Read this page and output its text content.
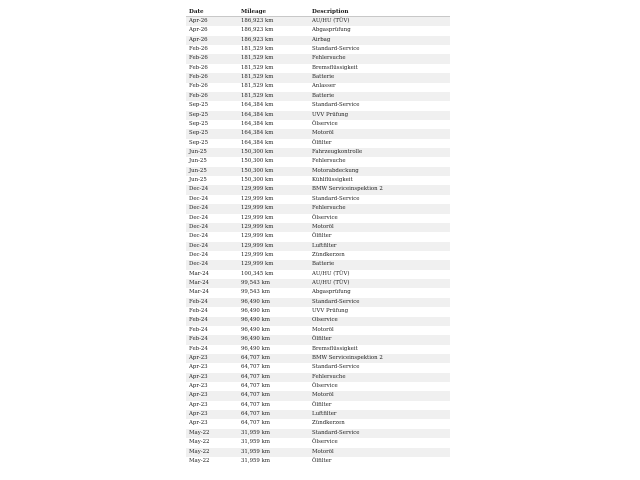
Date	Mileage	Description
Apr-26	186,923 km	AU/HU (TÜV)
Apr-26	186,923 km	Abgasprüfung
Apr-26	186,923 km	Airbag
Feb-26	181,529 km	Standard-Service
Feb-26	181,529 km	Fehlersuche
Feb-26	181,529 km	Bremsflüssigkeit
Feb-26	181,529 km	Batterie
Feb-26	181,529 km	Anlasser
Feb-26	181,529 km	Batterie
Sep-25	164,384 km	Standard-Service
Sep-25	164,384 km	UVV Prüfung
Sep-25	164,384 km	Ölservice
Sep-25	164,384 km	Motoröl
Sep-25	164,384 km	Ölfilter
Jun-25	150,300 km	Fahrzeugkontrolle
Jun-25	150,300 km	Fehlersuche
Jun-25	150,300 km	Motorabdeckung
Jun-25	150,300 km	Kühlflüssigkeit
Dec-24	129,999 km	BMW Serviceinspektion 2
Dec-24	129,999 km	Standard-Service
Dec-24	129,999 km	Fehlersuche
Dec-24	129,999 km	Ölservice
Dec-24	129,999 km	Motoröl
Dec-24	129,999 km	Ölfilter
Dec-24	129,999 km	Luftfilter
Dec-24	129,999 km	Zündkerzen
Dec-24	129,999 km	Batterie
Mar-24	100,345 km	AU/HU (TÜV)
Mar-24	99,543 km	AU/HU (TÜV)
Mar-24	99,543 km	Abgasprüfung
Feb-24	96,490 km	Standard-Service
Feb-24	96,490 km	UVV Prüfung
Feb-24	96,490 km	Ölservice
Feb-24	96,490 km	Motoröl
Feb-24	96,490 km	Ölfilter
Feb-24	96,490 km	Bremsflüssigkeit
Apr-23	64,707 km	BMW Serviceinspektion 2
Apr-23	64,707 km	Standard-Service
Apr-23	64,707 km	Fehlersuche
Apr-23	64,707 km	Ölservice
Apr-23	64,707 km	Motoröl
Apr-23	64,707 km	Ölfilter
Apr-23	64,707 km	Luftfilter
Apr-23	64,707 km	Zündkerzen
May-22	31,959 km	Standard-Service
May-22	31,959 km	Ölservice
May-22	31,959 km	Motoröl
May-22	31,959 km	Ölfilter
